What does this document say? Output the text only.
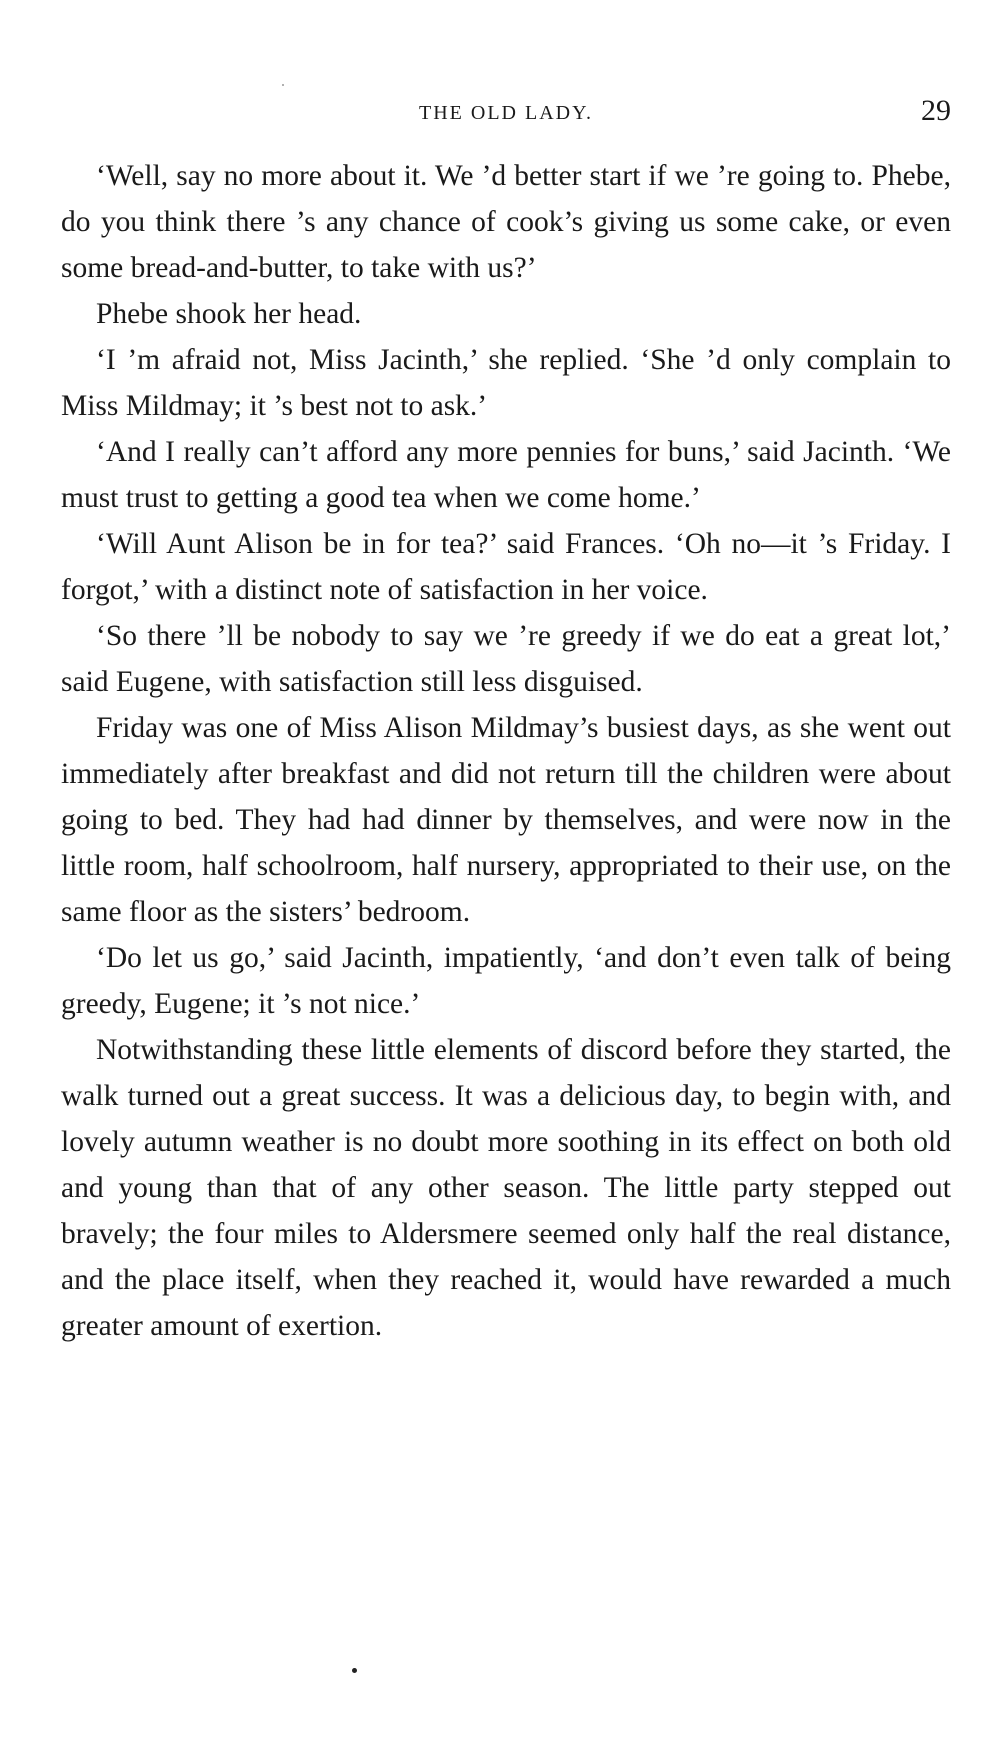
THE OLD LADY.	29

‘Well, say no more about it. We ’d better start if we ’re going to. Phebe, do you think there ’s any chance of cook’s giving us some cake, or even some bread-and-butter, to take with us?’

Phebe shook her head.

‘I ’m afraid not, Miss Jacinth,’ she replied. ‘She ’d only complain to Miss Mildmay; it ’s best not to ask.’

‘And I really can’t afford any more pennies for buns,’ said Jacinth. ‘We must trust to getting a good tea when we come home.’

‘Will Aunt Alison be in for tea?’ said Frances. ‘Oh no—it ’s Friday. I forgot,’ with a distinct note of satisfaction in her voice.

‘So there ’ll be nobody to say we ’re greedy if we do eat a great lot,’ said Eugene, with satisfaction still less disguised.

Friday was one of Miss Alison Mildmay’s busiest days, as she went out immediately after breakfast and did not return till the children were about going to bed. They had had dinner by themselves, and were now in the little room, half schoolroom, half nursery, appropriated to their use, on the same floor as the sisters’ bedroom.

‘Do let us go,’ said Jacinth, impatiently, ‘and don’t even talk of being greedy, Eugene; it ’s not nice.’

Notwithstanding these little elements of discord before they started, the walk turned out a great success. It was a delicious day, to begin with, and lovely autumn weather is no doubt more soothing in its effect on both old and young than that of any other season. The little party stepped out bravely; the four miles to Aldersmere seemed only half the real distance, and the place itself, when they reached it, would have rewarded a much greater amount of exertion.
